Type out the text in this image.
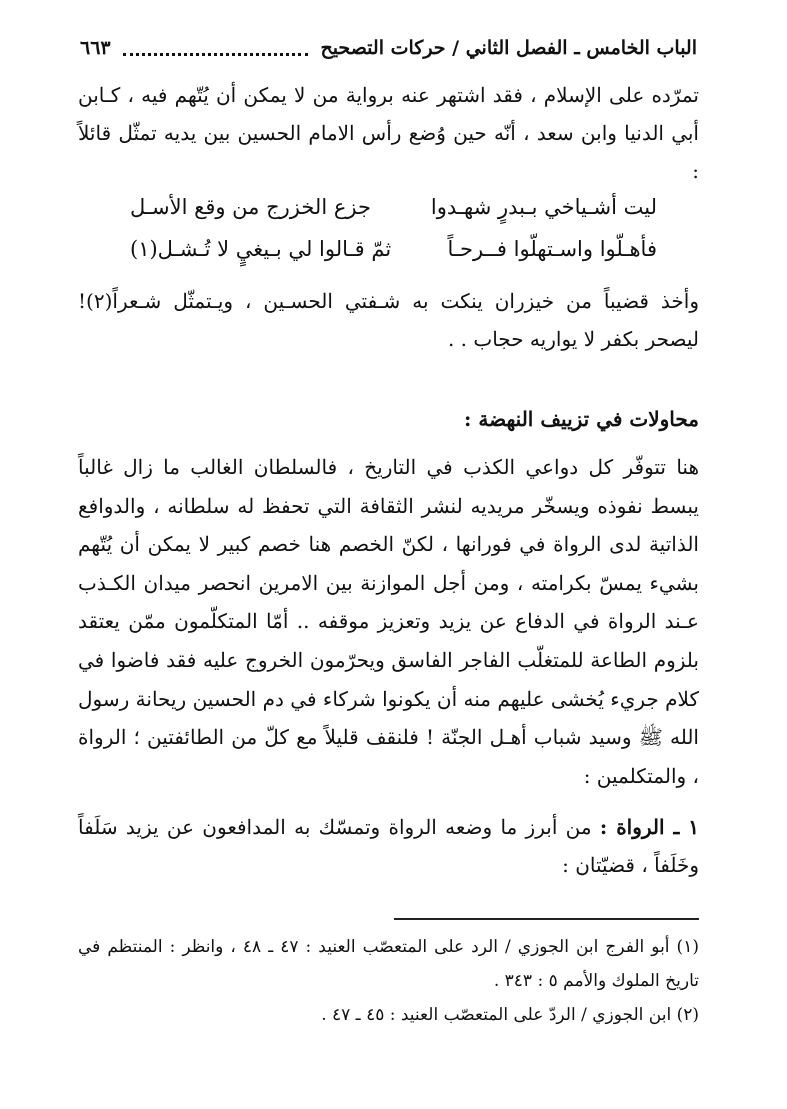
الباب الخامس ـ الفصل الثاني / حركات التصحيح
٦٦٣
تمرّده على الإسلام ، فقد اشتهر عنه برواية من لا يمكن أن يُتّهم فيه ، كـابن أبي الدنيا وابن سعد ، أنّه حين وُضع رأس الامام الحسين بين يديه تمثّل قائلاً :
ليت أشـياخي بـبدرٍ شهـدوا
جزع الخزرج من وقع الأسـل
فأهـلّوا واسـتهلّوا فــرحـاً
ثمّ قـالوا لي بـيغيٍ لا تُـشـل(١)
وأخذ قضيباً من خيزران ينكت به شـفتي الحسـين ، ويـتمثّل شـعراً(٢)! ليصحر بكفر لا يواريه حجاب . .
محاولات في تزييف النهضة :
هنا تتوفّر كل دواعي الكذب في التاريخ ، فالسلطان الغالب ما زال غالباً يبسط نفوذه ويسخّر مريديه لنشر الثقافة التي تحفظ له سلطانه ، والدوافع الذاتية لدى الرواة في فورانها ، لكنّ الخصم هنا خصم كبير لا يمكن أن يُتّهم بشيء يمسّ بكرامته ، ومن أجل الموازنة بين الامرين انحصر ميدان الكـذب عـند الرواة في الدفاع عن يزيد وتعزيز موقفه .. أمّا المتكلّمون ممّن يعتقد بلزوم الطاعة للمتغلّب الفاجر الفاسق ويحرّمون الخروج عليه فقد فاضوا في كلام جريء يُخشى عليهم منه أن يكونوا شركاء في دم الحسين ريحانة رسول الله ﷺ وسيد شباب أهـل الجنّة ! فلنقف قليلاً مع كلّ من الطائفتين ؛ الرواة ، والمتكلمين :
١ ـ الرواة : من أبرز ما وضعه الرواة وتمسّك به المدافعون عن يزيد سَلَفاً وخَلَفاً ، قضيّتان :

(١) أبو الفرج ابن الجوزي / الرد على المتعصّب العنيد : ٤٧ ـ ٤٨ ، وانظر : المنتظم في تاريخ الملوك والأمم ٥ : ٣٤٣ .

(٢) ابن الجوزي / الردّ على المتعصّب العنيد : ٤٥ ـ ٤٧ .
